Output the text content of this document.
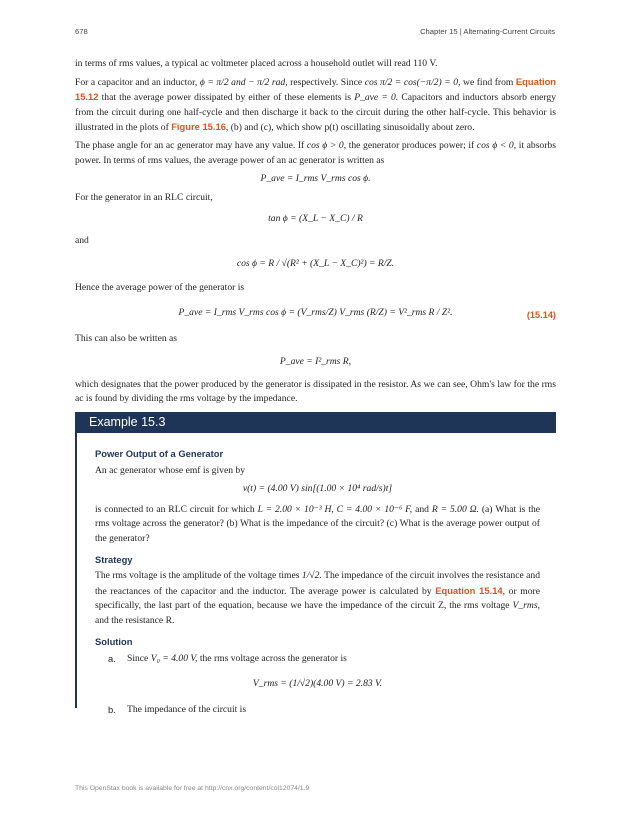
678	Chapter 15 | Alternating-Current Circuits

in terms of rms values, a typical ac voltmeter placed across a household outlet will read 110 V.

For a capacitor and an inductor, ϕ = π/2 and − π/2 rad, respectively. Since cos π/2 = cos(−π/2) = 0, we find from Equation 15.12 that the average power dissipated by either of these elements is P_ave = 0. Capacitors and inductors absorb energy from the circuit during one half-cycle and then discharge it back to the circuit during the other half-cycle. This behavior is illustrated in the plots of Figure 15.16, (b) and (c), which show p(t) oscillating sinusoidally about zero.

The phase angle for an ac generator may have any value. If cos ϕ > 0, the generator produces power; if cos ϕ < 0, it absorbs power. In terms of rms values, the average power of an ac generator is written as

P_ave = I_rms V_rms cos ϕ.

For the generator in an RLC circuit,

tan ϕ = (X_L − X_C) / R

and

cos ϕ = R / √(R² + (X_L − X_C)²) = R/Z.

Hence the average power of the generator is

P_ave = I_rms V_rms cos ϕ = (V_rms/Z) V_rms (R/Z) = V²_rms R / Z².	(15.14)

This can also be written as

P_ave = I²_rms R,

which designates that the power produced by the generator is dissipated in the resistor. As we can see, Ohm's law for the rms ac is found by dividing the rms voltage by the impedance.

Example 15.3
Power Output of a Generator

An ac generator whose emf is given by

v(t) = (4.00 V) sin[(1.00 × 10⁴ rad/s)t]

is connected to an RLC circuit for which L = 2.00 × 10⁻³ H, C = 4.00 × 10⁻⁶ F, and R = 5.00 Ω. (a) What is the rms voltage across the generator? (b) What is the impedance of the circuit? (c) What is the average power output of the generator?

Strategy

The rms voltage is the amplitude of the voltage times 1/√2. The impedance of the circuit involves the resistance and the reactances of the capacitor and the inductor. The average power is calculated by Equation 15.14, or more specifically, the last part of the equation, because we have the impedance of the circuit Z, the rms voltage V_rms, and the resistance R.

Solution
a. Since V₀ = 4.00 V, the rms voltage across the generator is
V_rms = (1/√2)(4.00 V) = 2.83 V.
b. The impedance of the circuit is
This OpenStax book is available for free at http://cnx.org/content/col12074/1.9
